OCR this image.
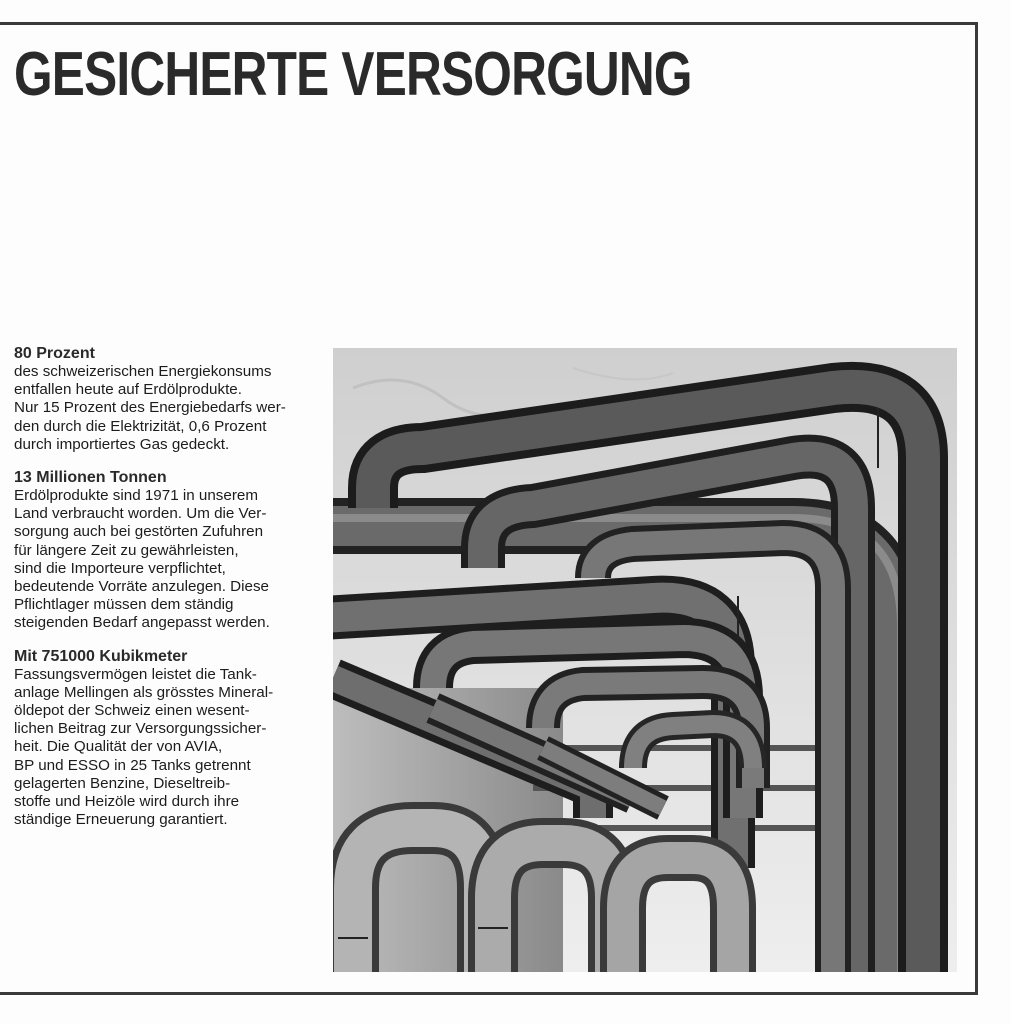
GESICHERTE VERSORGUNG
80 Prozent

des schweizerischen Energiekonsums
entfallen heute auf Erdölprodukte.
Nur 15 Prozent des Energiebedarfs wer-
den durch die Elektrizität, 0,6 Prozent
durch importiertes Gas gedeckt.

13 Millionen Tonnen

Erdölprodukte sind 1971 in unserem
Land verbraucht worden. Um die Ver-
sorgung auch bei gestörten Zufuhren
für längere Zeit zu gewährleisten,
sind die Importeure verpflichtet,
bedeutende Vorräte anzulegen. Diese
Pflichtlager müssen dem ständig
steigenden Bedarf angepasst werden.

Mit 751000 Kubikmeter

Fassungsvermögen leistet die Tank-
anlage Mellingen als grösstes Mineral-
öldepot der Schweiz einen wesent-
lichen Beitrag zur Versorgungssicher-
heit. Die Qualität der von AVIA,
BP und ESSO in 25 Tanks getrennt
gelagerten Benzine, Dieseltreib-
stoffe und Heizöle wird durch ihre
ständige Erneuerung garantiert.
